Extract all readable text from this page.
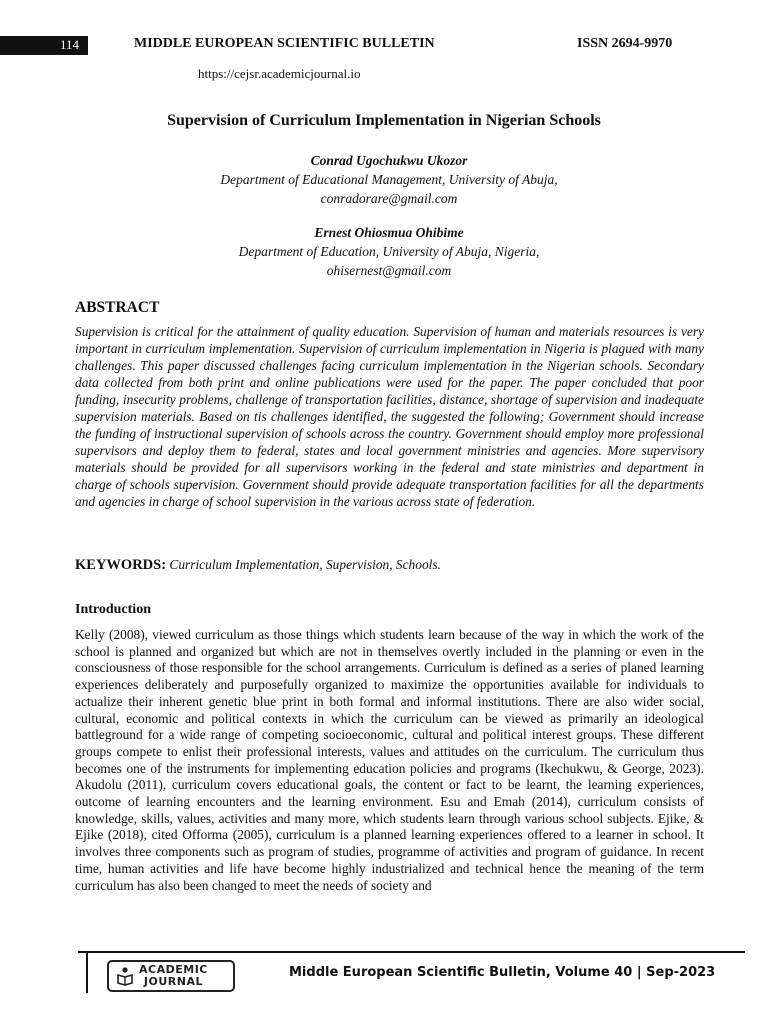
114	MIDDLE EUROPEAN SCIENTIFIC BULLETIN	ISSN 2694-9970
https://cejsr.academicjournal.io
Supervision of Curriculum Implementation in Nigerian Schools
Conrad Ugochukwu Ukozor
Department of Educational Management, University of Abuja,
conradorare@gmail.com
Ernest Ohiosmua Ohibime
Department of Education, University of Abuja, Nigeria,
ohisernest@gmail.com
ABSTRACT

Supervision is critical for the attainment of quality education. Supervision of human and materials resources is very important in curriculum implementation. Supervision of curriculum implementation in Nigeria is plagued with many challenges. This paper discussed challenges facing curriculum implementation in the Nigerian schools. Secondary data collected from both print and online publications were used for the paper. The paper concluded that poor funding, insecurity problems, challenge of transportation facilities, distance, shortage of supervision and inadequate supervision materials. Based on tis challenges identified, the suggested the following; Government should increase the funding of instructional supervision of schools across the country. Government should employ more professional supervisors and deploy them to federal, states and local government ministries and agencies. More supervisory materials should be provided for all supervisors working in the federal and state ministries and department in charge of schools supervision. Government should provide adequate transportation facilities for all the departments and agencies in charge of school supervision in the various across state of federation.

KEYWORDS: Curriculum Implementation, Supervision, Schools.

Introduction

Kelly (2008), viewed curriculum as those things which students learn because of the way in which the work of the school is planned and organized but which are not in themselves overtly included in the planning or even in the consciousness of those responsible for the school arrangements. Curriculum is defined as a series of planed learning experiences deliberately and purposefully organized to maximize the opportunities available for individuals to actualize their inherent genetic blue print in both formal and informal institutions. There are also wider social, cultural, economic and political contexts in which the curriculum can be viewed as primarily an ideological battleground for a wide range of competing socioeconomic, cultural and political interest groups. These different groups compete to enlist their professional interests, values and attitudes on the curriculum. The curriculum thus becomes one of the instruments for implementing education policies and programs (Ikechukwu, & George, 2023). Akudolu (2011), curriculum covers educational goals, the content or fact to be learnt, the learning experiences, outcome of learning encounters and the learning environment. Esu and Emah (2014), curriculum consists of knowledge, skills, values, activities and many more, which students learn through various school subjects. Ejike, & Ejike (2018), cited Offorma (2005), curriculum is a planned learning experiences offered to a learner in school. It involves three components such as program of studies, programme of activities and program of guidance. In recent time, human activities and life have become highly industrialized and technical hence the meaning of the term curriculum has also been changed to meet the needs of society and

ACADEMIC
JOURNAL
Middle European Scientific Bulletin, Volume 40 | Sep-2023
